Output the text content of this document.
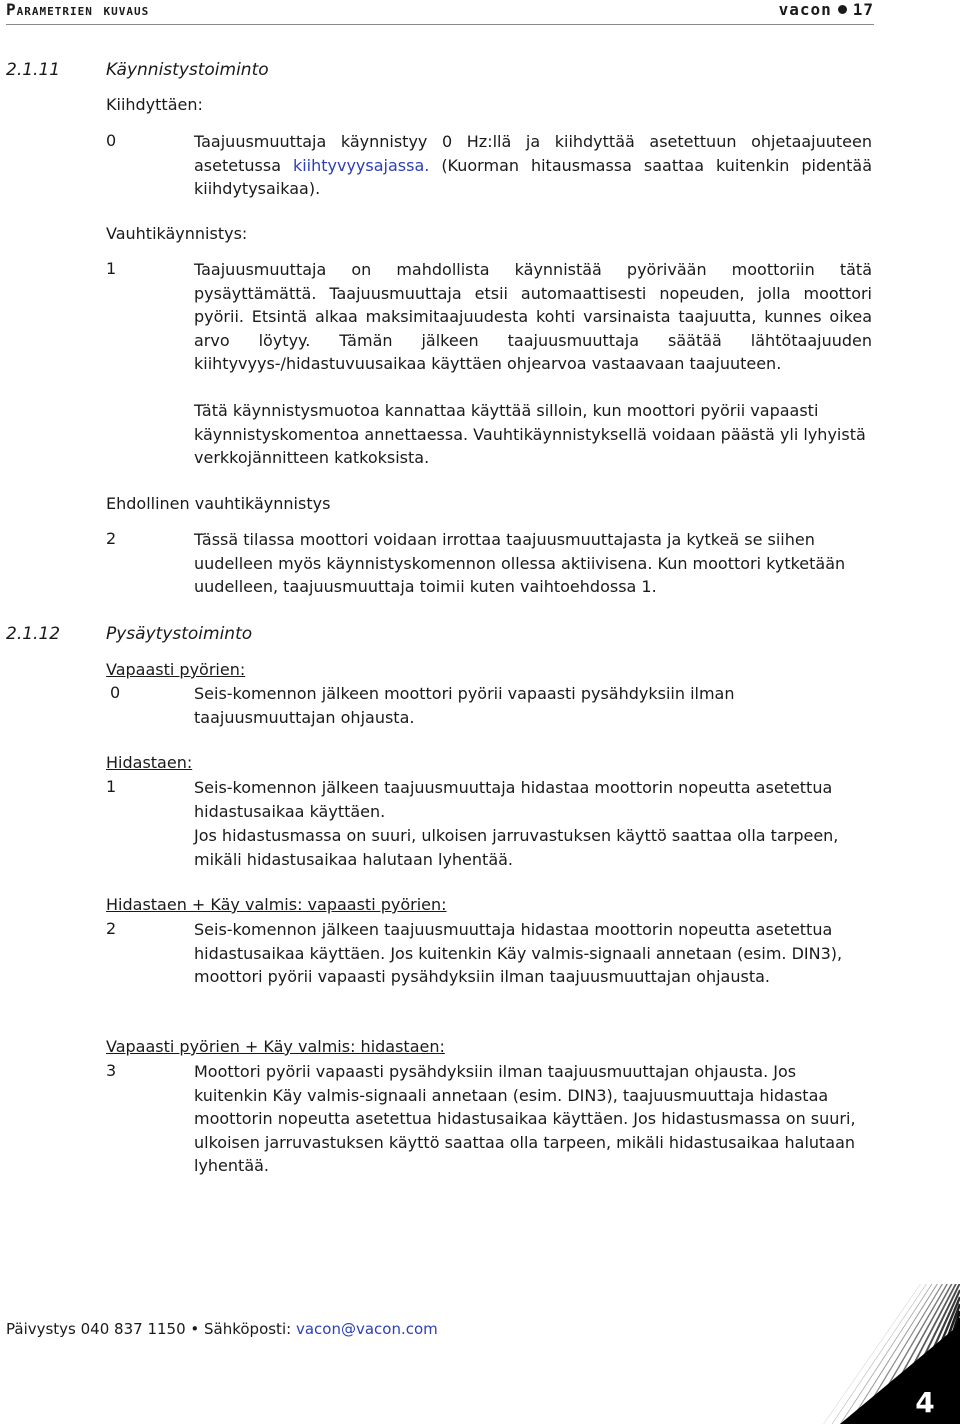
Parametrien kuvaus	vacon 17
2.1.11	Käynnistystoiminto
Kiihdyttäen:
0	Taajuusmuuttaja käynnistyy 0 Hz:llä ja kiihdyttää asetettuun ohjetaajuuteen asetetussa kiihtyvyysajassa. (Kuorman hitausmassa saattaa kuitenkin pidentää kiihdytysaikaa).
Vauhtikäynnistys:
1	Taajuusmuuttaja on mahdollista käynnistää pyörivään moottoriin tätä pysäyttämättä. Taajuusmuuttaja etsii automaattisesti nopeuden, jolla moottori pyörii. Etsintä alkaa maksimitaajuudesta kohti varsinaista taajuutta, kunnes oikea arvo löytyy. Tämän jälkeen taajuusmuuttaja säätää lähtötaajuuden kiihtyvyys-/hidastuvuusaikaa käyttäen ohjearvoa vastaavaan taajuuteen.
Tätä käynnistysmuotoa kannattaa käyttää silloin, kun moottori pyörii vapaasti käynnistyskomentoa annettaessa. Vauhtikäynnistyksellä voidaan päästä yli lyhyistä verkkojännitteen katkoksista.
Ehdollinen vauhtikäynnistys
2	Tässä tilassa moottori voidaan irrottaa taajuusmuuttajasta ja kytkeä se siihen uudelleen myös käynnistyskomennon ollessa aktiivisena. Kun moottori kytketään uudelleen, taajuusmuuttaja toimii kuten vaihtoehdossa 1.
2.1.12	Pysäytystoiminto
Vapaasti pyörien:
0	Seis-komennon jälkeen moottori pyörii vapaasti pysähdyksiin ilman taajuusmuuttajan ohjausta.
Hidastaen:
1	Seis-komennon jälkeen taajuusmuuttaja hidastaa moottorin nopeutta asetettua hidastusaikaa käyttäen.
Jos hidastusmassa on suuri, ulkoisen jarruvastuksen käyttö saattaa olla tarpeen, mikäli hidastusaikaa halutaan lyhentää.
Hidastaen + Käy valmis: vapaasti pyörien:
2	Seis-komennon jälkeen taajuusmuuttaja hidastaa moottorin nopeutta asetettua hidastusaikaa käyttäen. Jos kuitenkin Käy valmis-signaali annetaan (esim. DIN3), moottori pyörii vapaasti pysähdyksiin ilman taajuusmuuttajan ohjausta.
Vapaasti pyörien + Käy valmis: hidastaen:
3	Moottori pyörii vapaasti pysähdyksiin ilman taajuusmuuttajan ohjausta. Jos kuitenkin Käy valmis-signaali annetaan (esim. DIN3), taajuusmuuttaja hidastaa moottorin nopeutta asetettua hidastusaikaa käyttäen. Jos hidastusmassa on suuri, ulkoisen jarruvastuksen käyttö saattaa olla tarpeen, mikäli hidastusaikaa halutaan lyhentää.
Päivystys 040 837 1150 • Sähköposti: vacon@vacon.com
4
